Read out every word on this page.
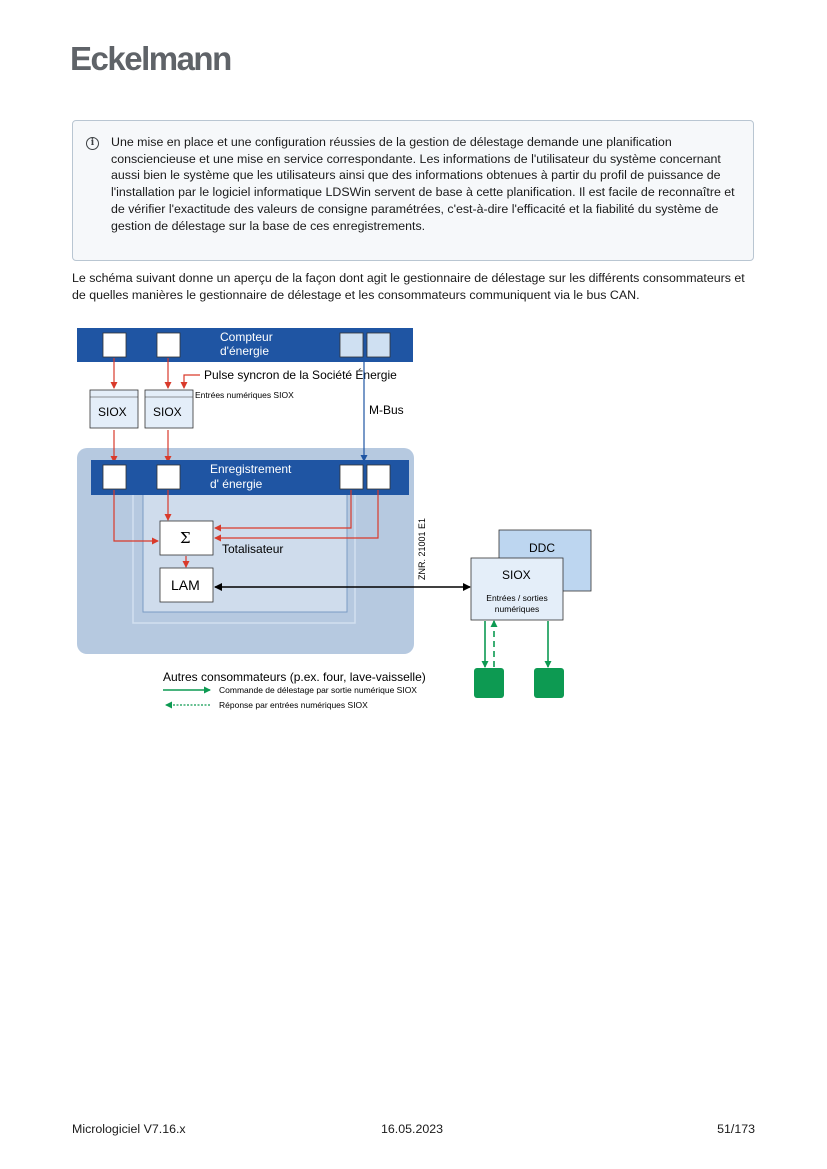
Eckelmann
i	Une mise en place et une configuration réussies de la gestion de délestage demande une planification consciencieuse et une mise en service correspondante. Les informations de l'utilisateur du système concernant aussi bien le système que les utilisateurs ainsi que des informations obtenues à partir du profil de puissance de l'installation par le logiciel informatique LDSWin servent de base à cette planification. Il est facile de reconnaître et de vérifier l'exactitude des valeurs de consigne paramétrées, c'est-à-dire l'efficacité et la fiabilité du système de gestion de délestage sur la base de ces enregistrements.

Le schéma suivant donne un aperçu de la façon dont agit le gestionnaire de délestage sur les différents consommateurs et de quelles manières le gestionnaire de délestage et les consommateurs communiquent via le bus CAN.

Compteur
d'énergie
SIOX SIOX
Pulse syncron de la Société Énergie
Entrées numériques SIOX
M-Bus
Enregistrement
d' énergie
Σ
Totalisateur
LAM
ZNR. 21001 E1	DDC
SIOX
Entrées / sorties
numériques
Autres consommateurs (p.ex. four, lave-vaisselle)
Commande de délestage par sortie numérique SIOX
Réponse par entrées numériques SIOX
Micrologiciel V7.16.x	16.05.2023	51/173
